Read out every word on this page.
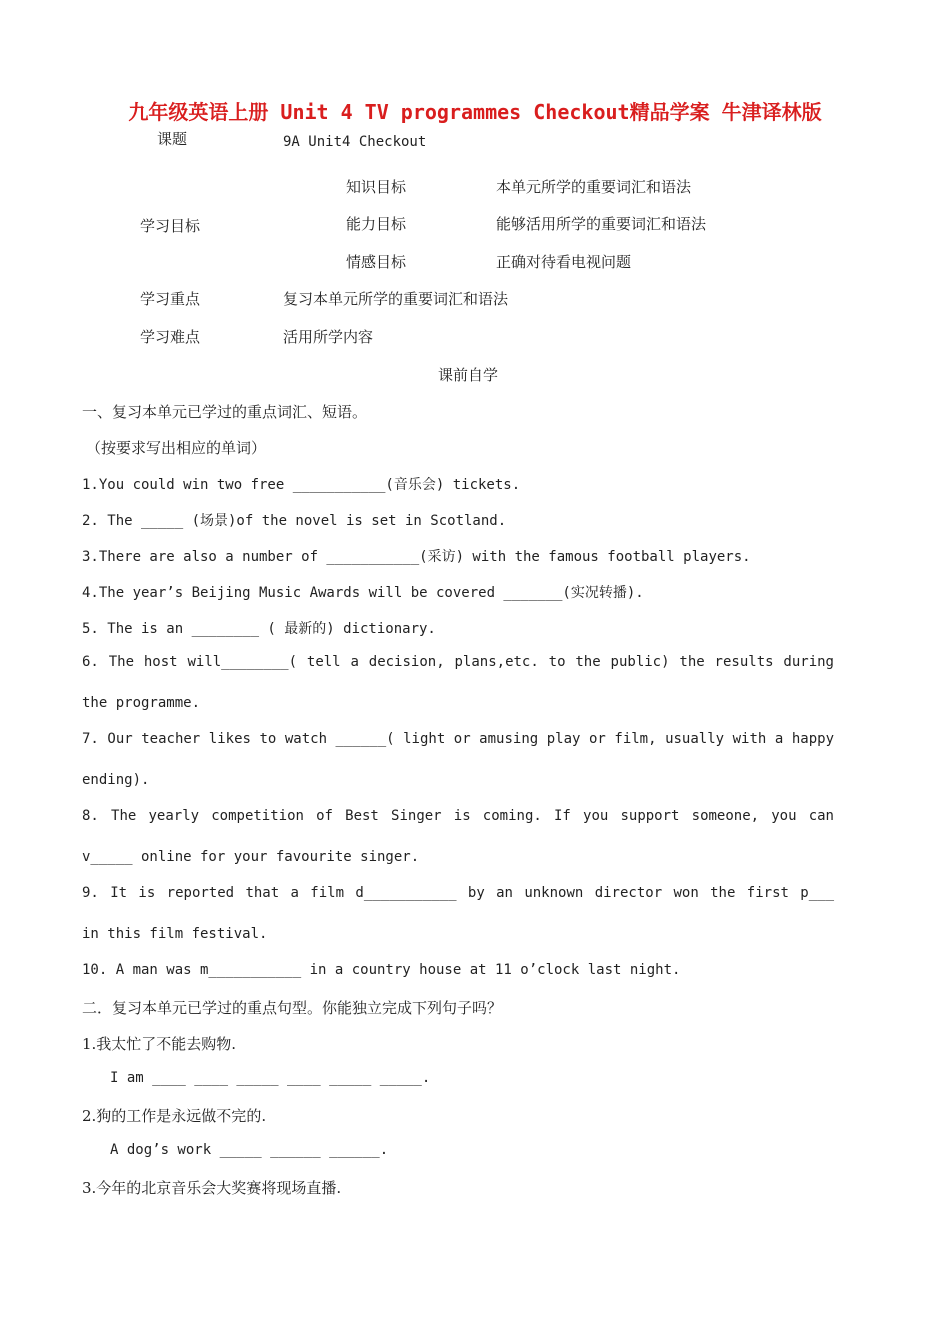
九年级英语上册 Unit 4 TV programmes Checkout精品学案 牛津译林版
课题	9A Unit4 Checkout
学习目标
知识目标	本单元所学的重要词汇和语法
能力目标	能够活用所学的重要词汇和语法
情感目标	正确对待看电视问题
学习重点	复习本单元所学的重要词汇和语法
学习难点	活用所学内容
课前自学
一、复习本单元已学过的重点词汇、短语。
（按要求写出相应的单词）
1.You could win two free ___________(音乐会) tickets.
2. The _____ (场景)of the novel is set in Scotland.
3.There are also a number of ___________(采访) with the famous football players.
4.The year’s Beijing Music Awards will be covered _______(实况转播).
5. The is an ________ ( 最新的) dictionary.
6. The host will________( tell a decision, plans,etc. to the public) the results during
the programme.
7. Our teacher likes to watch ______( light or amusing play or film, usually with a happy
ending).
8. The yearly competition of Best Singer is coming. If you support someone, you can
v_____ online for your favourite singer.
9. It is reported that a film d___________ by an unknown director won the first p___
in this film festival.
10. A man was m___________ in a country house at 11 o’clock last night.
二．复习本单元已学过的重点句型。你能独立完成下列句子吗？
1.我太忙了不能去购物.
I am ____ ____ _____ ____ _____ _____.
2.狗的工作是永远做不完的.
A dog’s work _____ ______ ______.
3.今年的北京音乐会大奖赛将现场直播.
